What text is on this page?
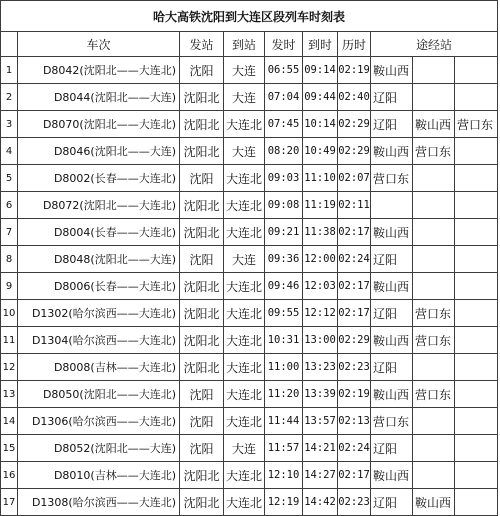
哈大高铁沈阳到大连区段列车时刻表									
	车次	发站	到站	发时	到时	历时	途经站		
1	D8042(沈阳北——大连北)	沈阳	大连	06:55	09:14	02:19	鞍山西		
2	D8044(沈阳北——大连)	沈阳北	大连	07:04	09:44	02:40	辽阳		
3	D8070(沈阳北——大连北)	沈阳北	大连北	07:45	10:14	02:29	辽阳	鞍山西	营口东
4	D8046(沈阳北——大连)	沈阳北	大连	08:20	10:49	02:29	鞍山西	营口东	
5	D8002(长春——大连北)	沈阳	大连北	09:03	11:10	02:07	营口东		
6	D8072(沈阳北——大连北)	沈阳北	大连北	09:08	11:19	02:11			
7	D8004(长春——大连北)	沈阳北	大连北	09:21	11:38	02:17	鞍山西		
8	D8048(沈阳北——大连)	沈阳	大连	09:36	12:00	02:24	辽阳		
9	D8006(长春——大连北)	沈阳北	大连北	09:46	12:03	02:17	鞍山西		
10	D1302(哈尔滨西——大连北)	沈阳北	大连北	09:55	12:12	02:17	辽阳	营口东	
11	D1304(哈尔滨西——大连北)	沈阳北	大连北	10:31	13:00	02:29	鞍山西	营口东	
12	D8008(吉林——大连北)	沈阳北	大连北	11:00	13:23	02:23	辽阳		
13	D8050(沈阳北——大连北)	沈阳	大连北	11:20	13:39	02:19	鞍山西	营口东	
14	D1306(哈尔滨西——大连北)	沈阳	大连北	11:44	13:57	02:13	营口东		
15	D8052(沈阳北——大连)	沈阳	大连	11:57	14:21	02:24	辽阳		
16	D8010(吉林——大连北)	沈阳北	大连北	12:10	14:27	02:17	鞍山西		
17	D1308(哈尔滨西——大连北)	沈阳北	大连北	12:19	14:42	02:23	辽阳	鞍山西	
